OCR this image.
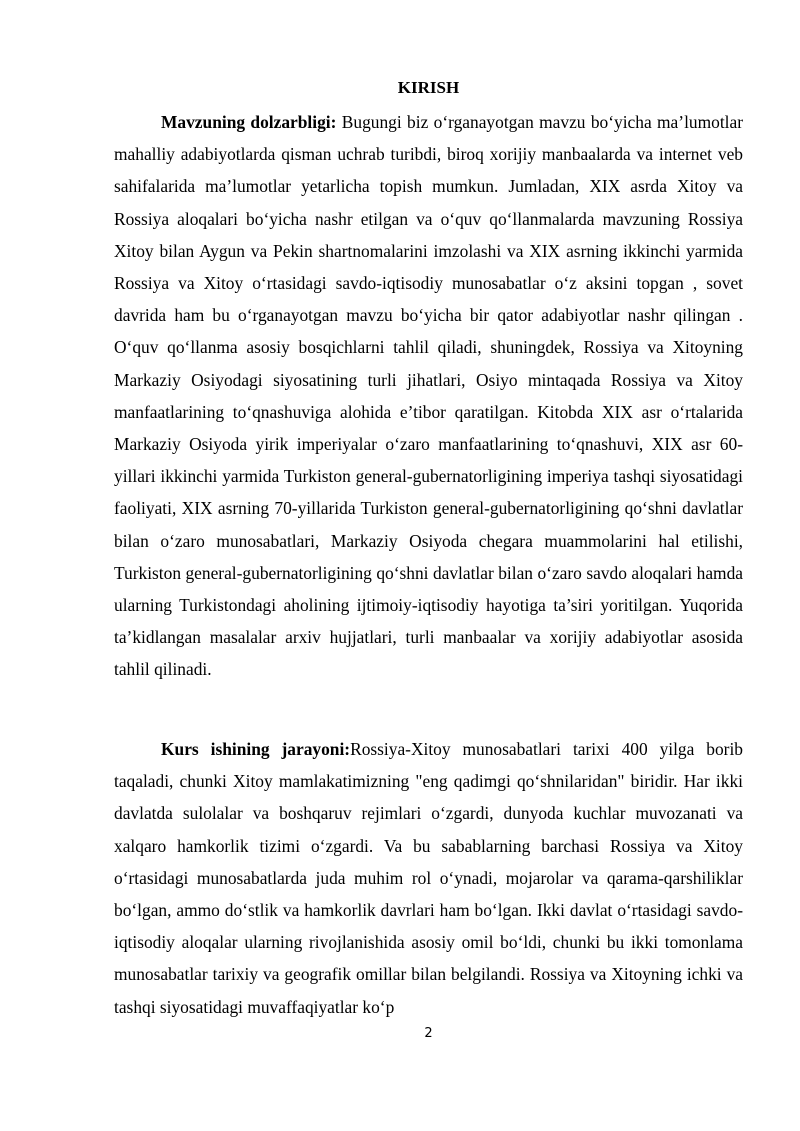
KIRISH

Mavzuning dolzarbligi: Bugungi biz o‘rganayotgan mavzu bo‘yicha ma’lumotlar mahalliy adabiyotlarda qisman uchrab turibdi, biroq xorijiy manbaalarda va internet veb sahifalarida ma’lumotlar yetarlicha topish mumkun. Jumladan, XIX asrda Xitoy va Rossiya aloqalari bo‘yicha nashr etilgan va o‘quv qo‘llanmalarda mavzuning Rossiya Xitoy bilan Aygun va Pekin shartnomalarini imzolashi va XIX asrning ikkinchi yarmida Rossiya va Xitoy o‘rtasidagi savdo-iqtisodiy munosabatlar o‘z aksini topgan , sovet davrida ham bu o‘rganayotgan mavzu bo‘yicha bir qator adabiyotlar nashr qilingan . O‘quv qo‘llanma asosiy bosqichlarni tahlil qiladi, shuningdek, Rossiya va Xitoyning Markaziy Osiyodagi siyosatining turli jihatlari, Osiyo mintaqada Rossiya va Xitoy manfaatlarining to‘qnashuviga alohida e’tibor qaratilgan. Kitobda XIX asr o‘rtalarida Markaziy Osiyoda yirik imperiyalar o‘zaro manfaatlarining to‘qnashuvi, XIX asr 60-yillari ikkinchi yarmida Turkiston general-gubernatorligining imperiya tashqi siyosatidagi faoliyati, XIX asrning 70-yillarida Turkiston general-gubernatorligining qo‘shni davlatlar bilan o‘zaro munosabatlari, Markaziy Osiyoda chegara muammolarini hal etilishi, Turkiston general-gubernatorligining qo‘shni davlatlar bilan o‘zaro savdo aloqalari hamda ularning Turkistondagi aholining ijtimoiy-iqtisodiy hayotiga ta’siri yoritilgan. Yuqorida ta’kidlangan masalalar arxiv hujjatlari, turli manbaalar va xorijiy adabiyotlar asosida tahlil qilinadi.

Kurs ishining jarayoni:Rossiya-Xitoy munosabatlari tarixi 400 yilga borib taqaladi, chunki Xitoy mamlakatimizning "eng qadimgi qo‘shnilaridan" biridir. Har ikki davlatda sulolalar va boshqaruv rejimlari o‘zgardi, dunyoda kuchlar muvozanati va xalqaro hamkorlik tizimi o‘zgardi. Va bu sabablarning barchasi Rossiya va Xitoy o‘rtasidagi munosabatlarda juda muhim rol o‘ynadi, mojarolar va qarama-qarshiliklar bo‘lgan, ammo do‘stlik va hamkorlik davrlari ham bo‘lgan. Ikki davlat o‘rtasidagi savdo-iqtisodiy aloqalar ularning rivojlanishida asosiy omil bo‘ldi, chunki bu ikki tomonlama munosabatlar tarixiy va geografik omillar bilan belgilandi. Rossiya va Xitoyning ichki va tashqi siyosatidagi muvaffaqiyatlar ko‘p

2
